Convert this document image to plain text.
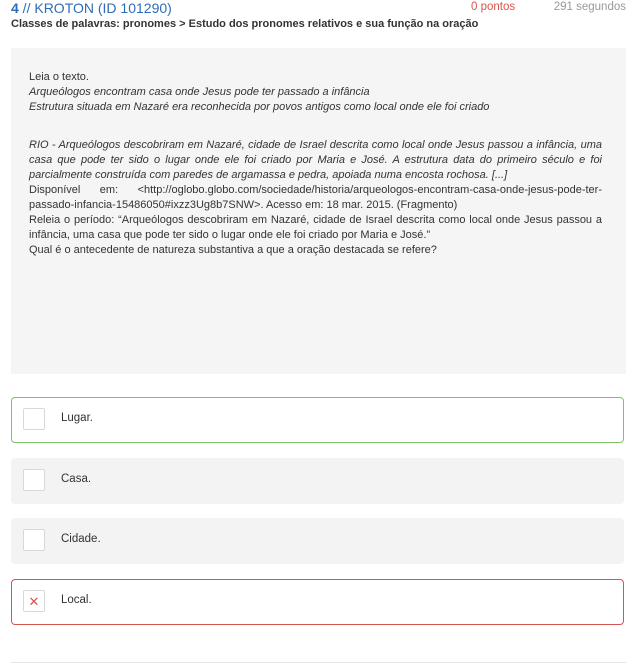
4 // KROTON (ID 101290)	0 pontos	291 segundos
Classes de palavras: pronomes > Estudo dos pronomes relativos e sua função na oração

Leia o texto.

Arqueólogos encontram casa onde Jesus pode ter passado a infância

Estrutura situada em Nazaré era reconhecida por povos antigos como local onde ele foi criado

RIO - Arqueólogos descobriram em Nazaré, cidade de Israel descrita como local onde Jesus passou a infância, uma casa que pode ter sido o lugar onde ele foi criado por Maria e José. A estrutura data do primeiro século e foi parcialmente construída com paredes de argamassa e pedra, apoiada numa encosta rochosa. [...]

Disponível em: <http://oglobo.globo.com/sociedade/historia/arqueologos-encontram-casa-onde-jesus-pode-ter-passado-infancia-15486050#ixzz3Ug8b7SNW>. Acesso em: 18 mar. 2015. (Fragmento)

Releia o período: “Arqueólogos descobriram em Nazaré, cidade de Israel descrita como local onde Jesus passou a infância, uma casa que pode ter sido o lugar onde ele foi criado por Maria e José.”

Qual é o antecedente de natureza substantiva a que a oração destacada se refere?

Lugar.
Casa.
Cidade.
✕ Local.
